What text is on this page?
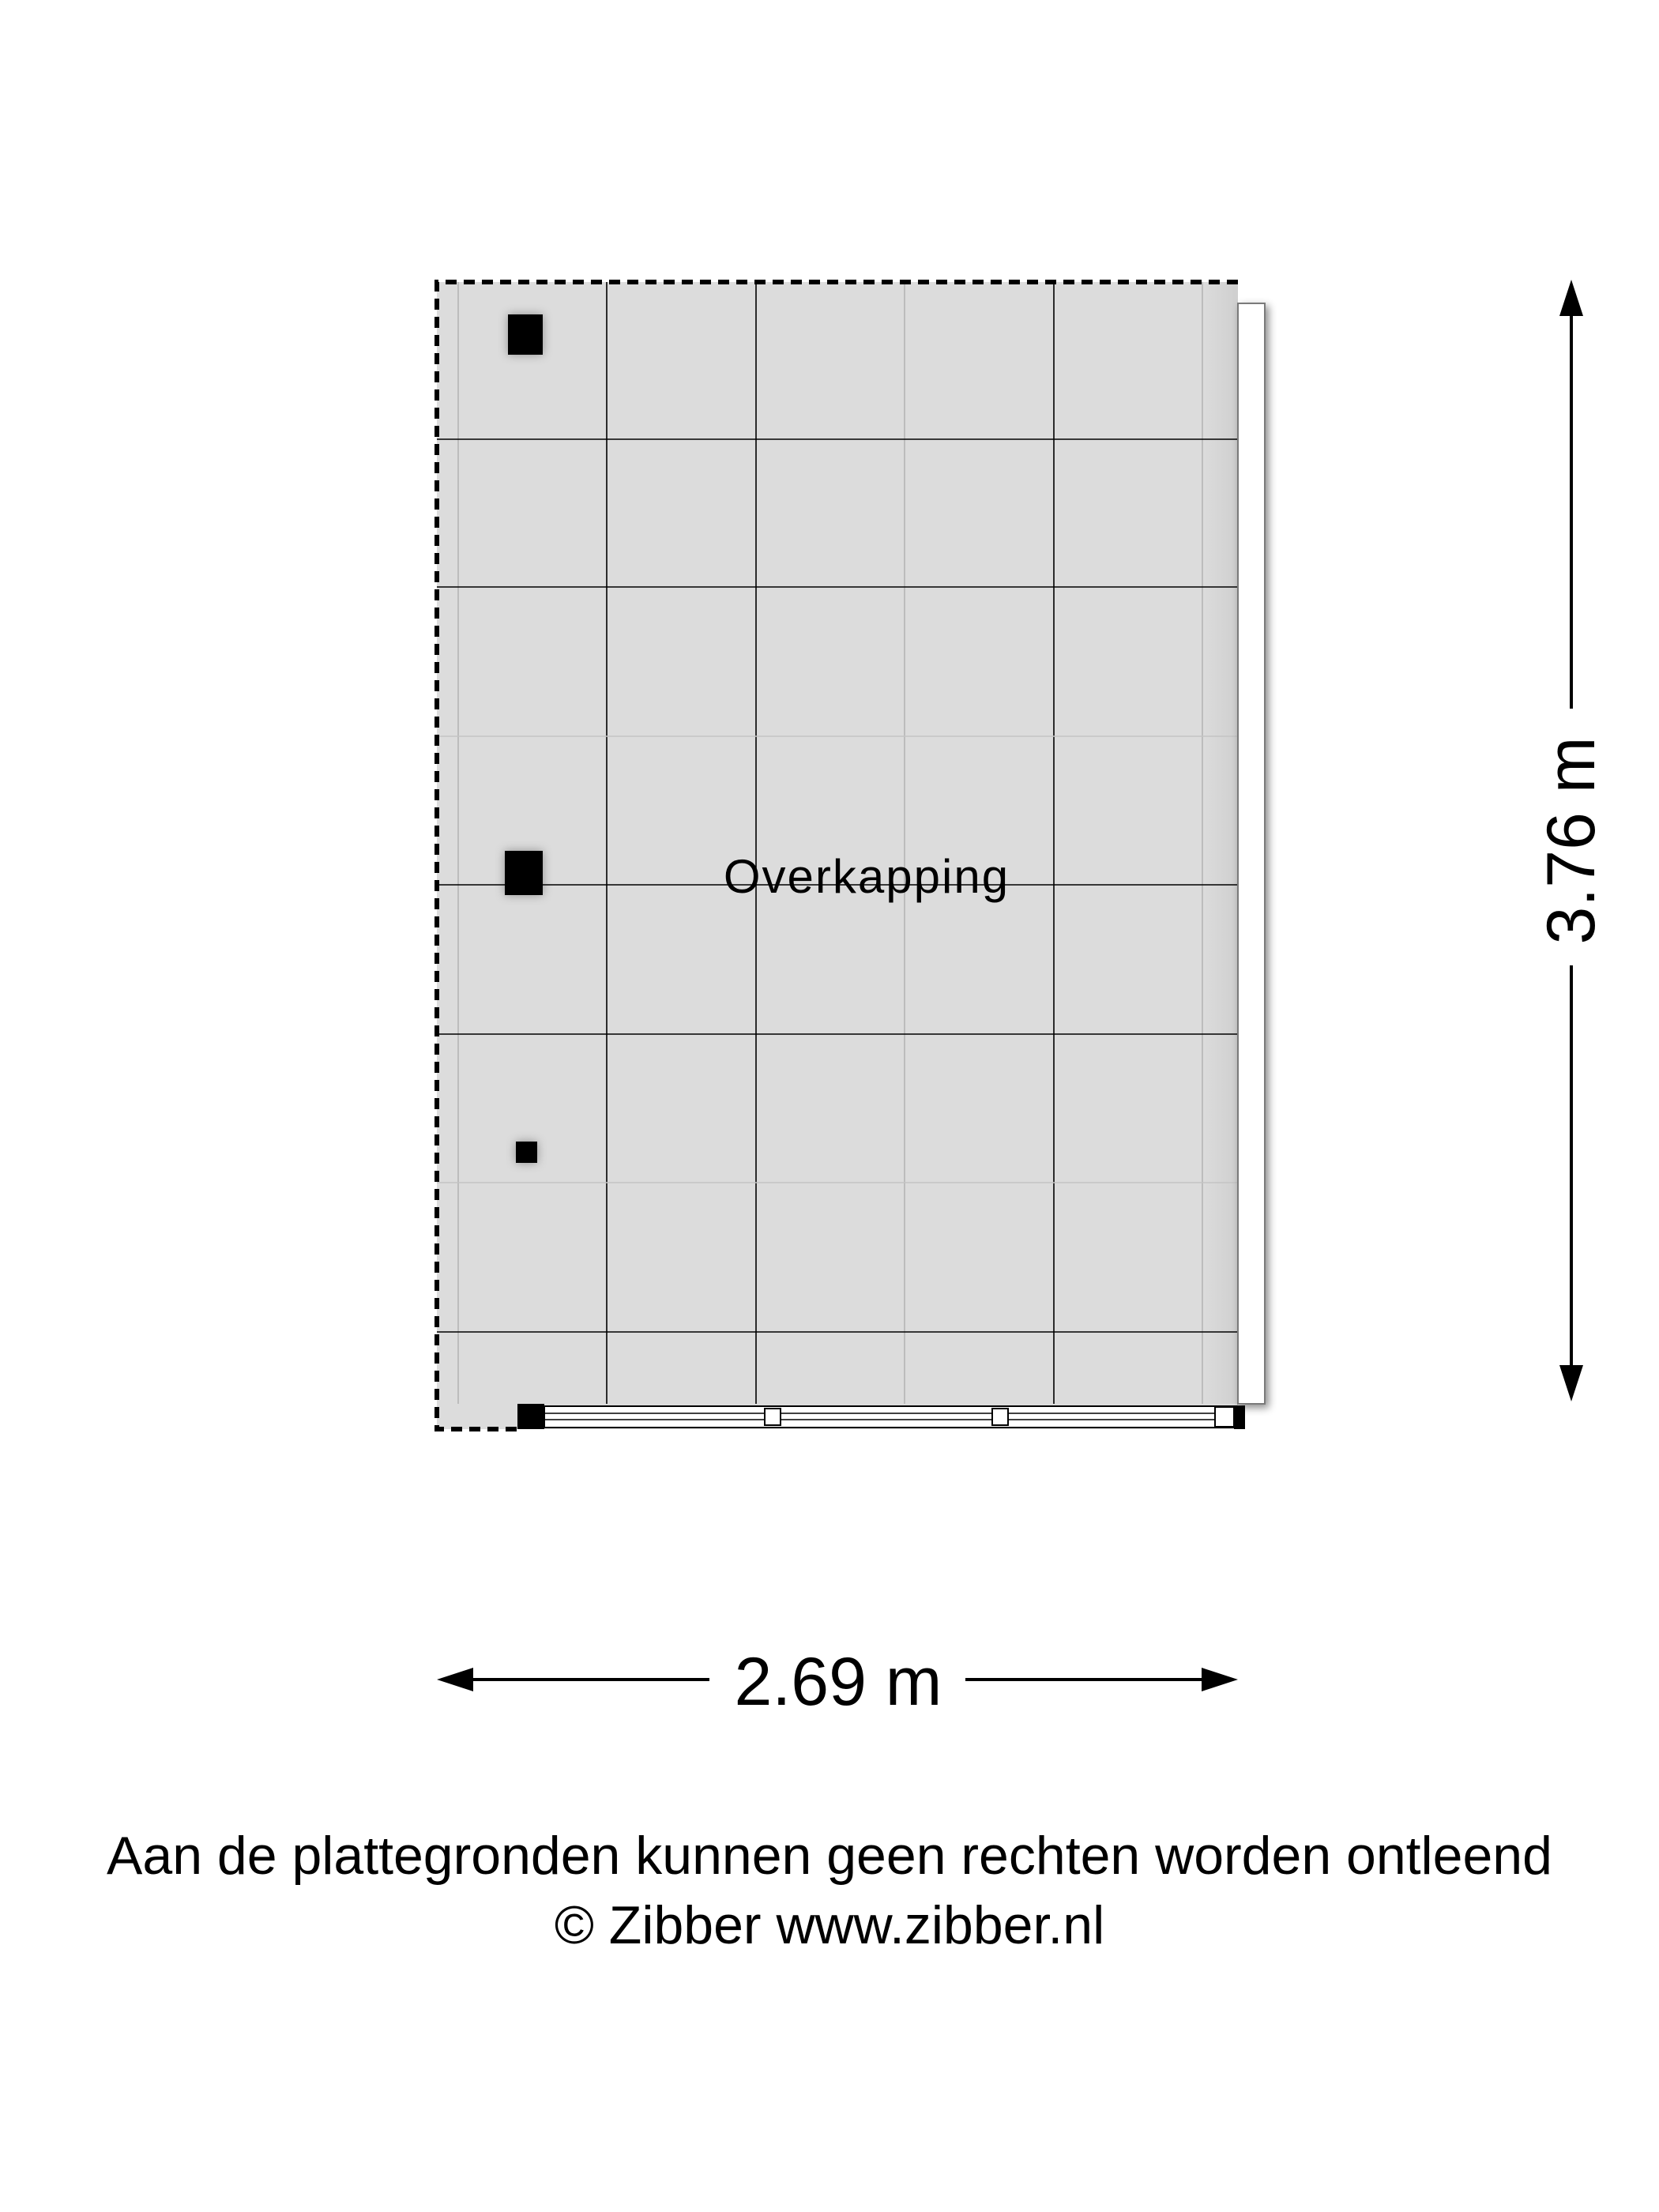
Overkapping	3.76 m
2.69 m
Aan de plattegronden kunnen geen rechten worden ontleend
© Zibber www.zibber.nl
